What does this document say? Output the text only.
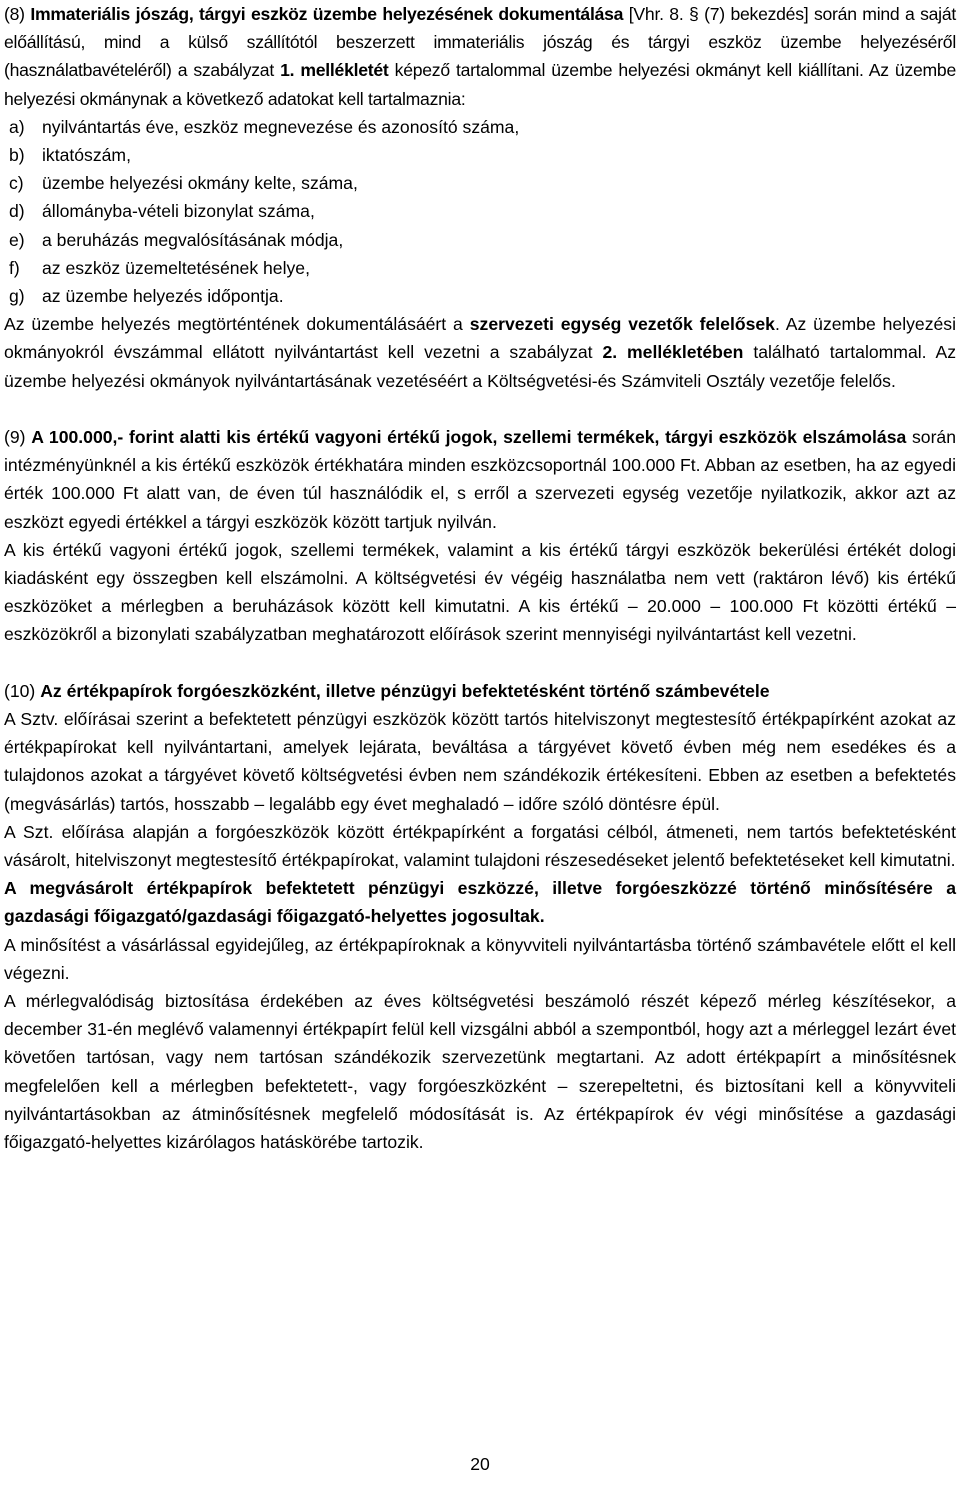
(8) Immateriális jószág, tárgyi eszköz üzembe helyezésének dokumentálása [Vhr. 8. § (7) bekezdés] során mind a saját előállítású, mind a külső szállítótól beszerzett immateriális jószág és tárgyi eszköz üzembe helyezéséről (használatbavételéről) a szabályzat 1. mellékletét képező tartalommal üzembe helyezési okmányt kell kiállítani. Az üzembe helyezési okmánynak a következő adatokat kell tartalmaznia:

a) nyilvántartás éve, eszköz megnevezése és azonosító száma,
b) iktatószám,
c) üzembe helyezési okmány kelte, száma,
d) állományba-vételi bizonylat száma,
e) a beruházás megvalósításának módja,
f) az eszköz üzemeltetésének helye,
g) az üzembe helyezés időpontja.

Az üzembe helyezés megtörténtének dokumentálásáért a szervezeti egység vezetők felelősek. Az üzembe helyezési okmányokról évszámmal ellátott nyilvántartást kell vezetni a szabályzat 2. mellékletében található tartalommal. Az üzembe helyezési okmányok nyilvántartásának vezetéséért a Költségvetési-és Számviteli Osztály vezetője felelős.

(9) A 100.000,- forint alatti kis értékű vagyoni értékű jogok, szellemi termékek, tárgyi eszközök elszámolása során intézményünknél a kis értékű eszközök értékhatára minden eszközcsoportnál 100.000 Ft. Abban az esetben, ha az egyedi érték 100.000 Ft alatt van, de éven túl használódik el, s erről a szervezeti egység vezetője nyilatkozik, akkor azt az eszközt egyedi értékkel a tárgyi eszközök között tartjuk nyilván.

A kis értékű vagyoni értékű jogok, szellemi termékek, valamint a kis értékű tárgyi eszközök bekerülési értékét dologi kiadásként egy összegben kell elszámolni. A költségvetési év végéig használatba nem vett (raktáron lévő) kis értékű eszközöket a mérlegben a beruházások között kell kimutatni. A kis értékű – 20.000 – 100.000 Ft közötti értékű – eszközökről a bizonylati szabályzatban meghatározott előírások szerint mennyiségi nyilvántartást kell vezetni.

(10) Az értékpapírok forgóeszközként, illetve pénzügyi befektetésként történő számbevétele

A Sztv. előírásai szerint a befektetett pénzügyi eszközök között tartós hitelviszonyt megtestesítő értékpapírként azokat az értékpapírokat kell nyilvántartani, amelyek lejárata, beváltása a tárgyévet követő évben még nem esedékes és a tulajdonos azokat a tárgyévet követő költségvetési évben nem szándékozik értékesíteni. Ebben az esetben a befektetés (megvásárlás) tartós, hosszabb – legalább egy évet meghaladó – időre szóló döntésre épül.

A Szt. előírása alapján a forgóeszközök között értékpapírként a forgatási célból, átmeneti, nem tartós befektetésként vásárolt, hitelviszonyt megtestesítő értékpapírokat, valamint tulajdoni részesedéseket jelentő befektetéseket kell kimutatni.

A megvásárolt értékpapírok befektetett pénzügyi eszközzé, illetve forgóeszközzé történő minősítésére a gazdasági főigazgató/gazdasági főigazgató-helyettes jogosultak.

A minősítést a vásárlással egyidejűleg, az értékpapíroknak a könyvviteli nyilvántartásba történő számbavétele előtt el kell végezni.

A mérlegvalódiság biztosítása érdekében az éves költségvetési beszámoló részét képező mérleg készítésekor, a december 31-én meglévő valamennyi értékpapírt felül kell vizsgálni abból a szempontból, hogy azt a mérleggel lezárt évet követően tartósan, vagy nem tartósan szándékozik szervezetünk megtartani. Az adott értékpapírt a minősítésnek megfelelően kell a mérlegben befektetett-, vagy forgóeszközként – szerepeltetni, és biztosítani kell a könyvviteli nyilvántartásokban az átminősítésnek megfelelő módosítását is. Az értékpapírok év végi minősítése a gazdasági főigazgató-helyettes kizárólagos hatáskörébe tartozik.

20
